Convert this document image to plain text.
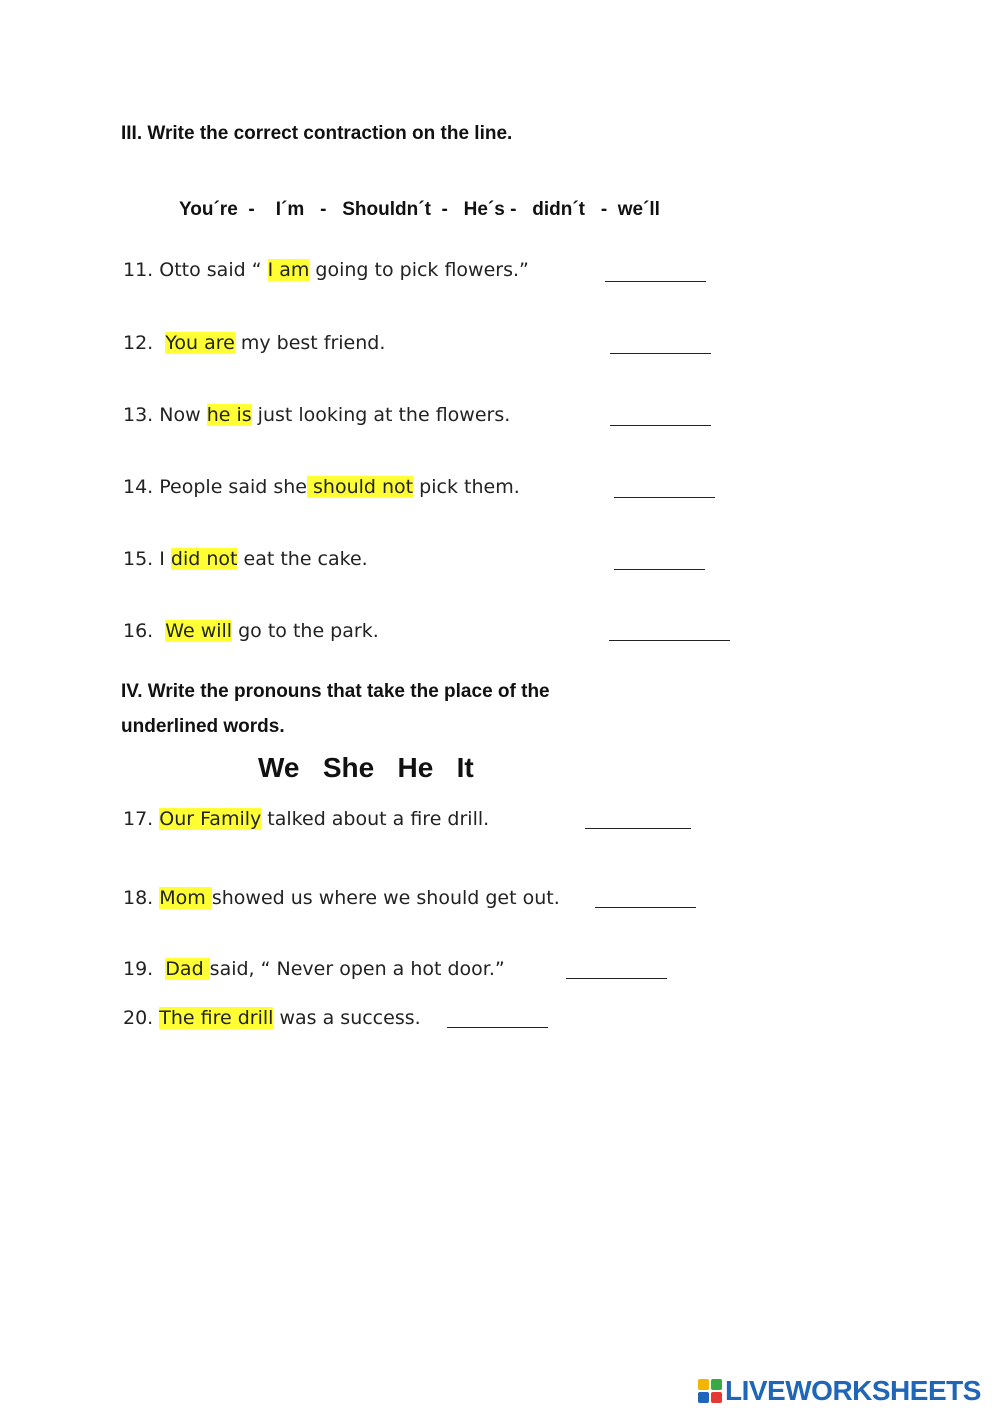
III. Write the correct contraction on the line.
You´re  -    I´m   -   Shouldn´t  -   He´s -   didn´t   -  we´ll
11. Otto said “ I am going to pick flowers.”
12.  You are my best friend.
13. Now he is just looking at the flowers.
14. People said she should not pick them.
15. I did not eat the cake.
16.  We will go to the park.
IV. Write the pronouns that take the place of the
underlined words.
We   She   He   It
17. Our Family talked about a fire drill.
18. Mom showed us where we should get out.
19.  Dad said, “ Never open a hot door.”
20. The fire drill was a success.
LIVEWORKSHEETS
